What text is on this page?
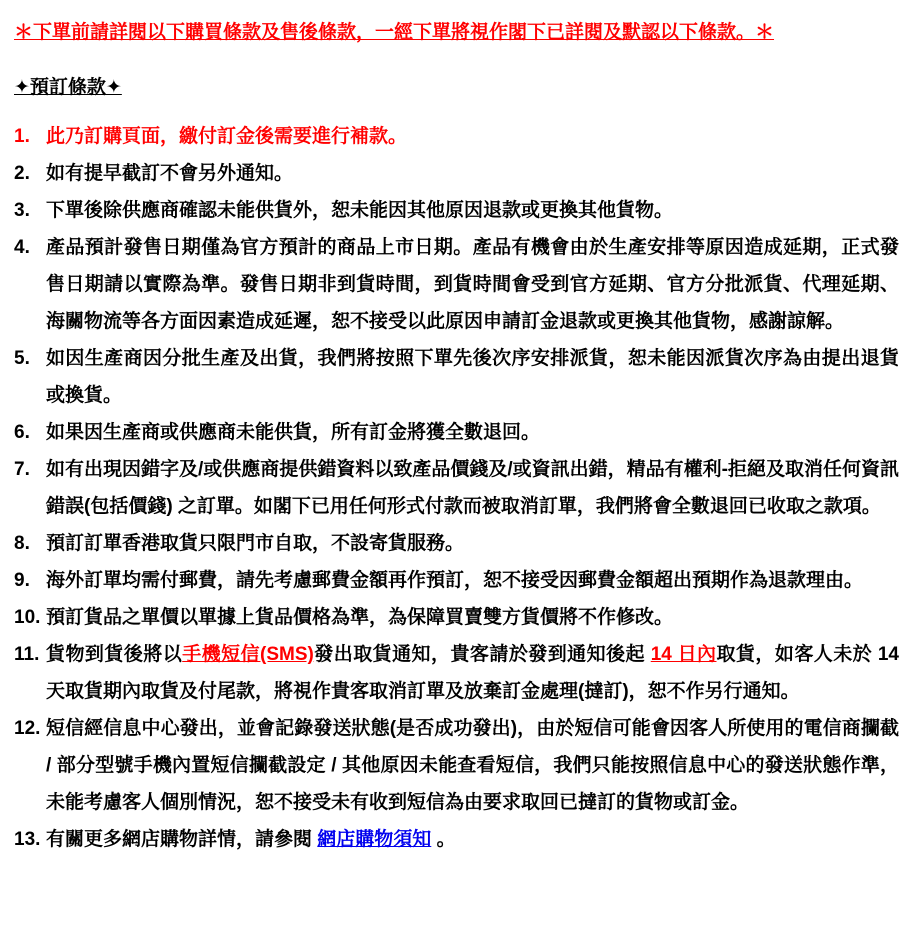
＊下單前請詳閱以下購買條款及售後條款，一經下單將視作閣下已詳閱及默認以下條款。＊
✦預訂條款✦
1. 此乃訂購頁面，繳付訂金後需要進行補款。
2. 如有提早截訂不會另外通知。
3. 下單後除供應商確認未能供貨外，恕未能因其他原因退款或更換其他貨物。
4. 產品預計發售日期僅為官方預計的商品上市日期。產品有機會由於生產安排等原因造成延期，正式發售日期請以實際為準。發售日期非到貨時間，到貨時間會受到官方延期、官方分批派貨、代理延期、海關物流等各方面因素造成延遲，恕不接受以此原因申請訂金退款或更換其他貨物，感謝諒解。
5. 如因生產商因分批生產及出貨，我們將按照下單先後次序安排派貨，恕未能因派貨次序為由提出退貨或換貨。
6. 如果因生產商或供應商未能供貨，所有訂金將獲全數退回。
7. 如有出現因錯字及/或供應商提供錯資料以致產品價錢及/或資訊出錯，精品有權利-拒絕及取消任何資訊錯誤(包括價錢) 之訂單。如閣下已用任何形式付款而被取消訂單，我們將會全數退回已收取之款項。
8. 預訂訂單香港取貨只限門市自取，不設寄貨服務。
9. 海外訂單均需付郵費，請先考慮郵費金額再作預訂，恕不接受因郵費金額超出預期作為退款理由。
10. 預訂貨品之單價以單據上貨品價格為準，為保障買賣雙方貨價將不作修改。
11. 貨物到貨後將以手機短信(SMS)發出取貨通知，貴客請於發到通知後起 14 日內取貨，如客人未於 14 天取貨期內取貨及付尾款，將視作貴客取消訂單及放棄訂金處理(撻訂)，恕不作另行通知。
12. 短信經信息中心發出，並會記錄發送狀態(是否成功發出)，由於短信可能會因客人所使用的電信商攔截 / 部分型號手機內置短信攔截設定 / 其他原因未能查看短信，我們只能按照信息中心的發送狀態作準，未能考慮客人個別情況，恕不接受未有收到短信為由要求取回已撻訂的貨物或訂金。
13. 有關更多網店購物詳情，請參閱 網店購物須知 。
